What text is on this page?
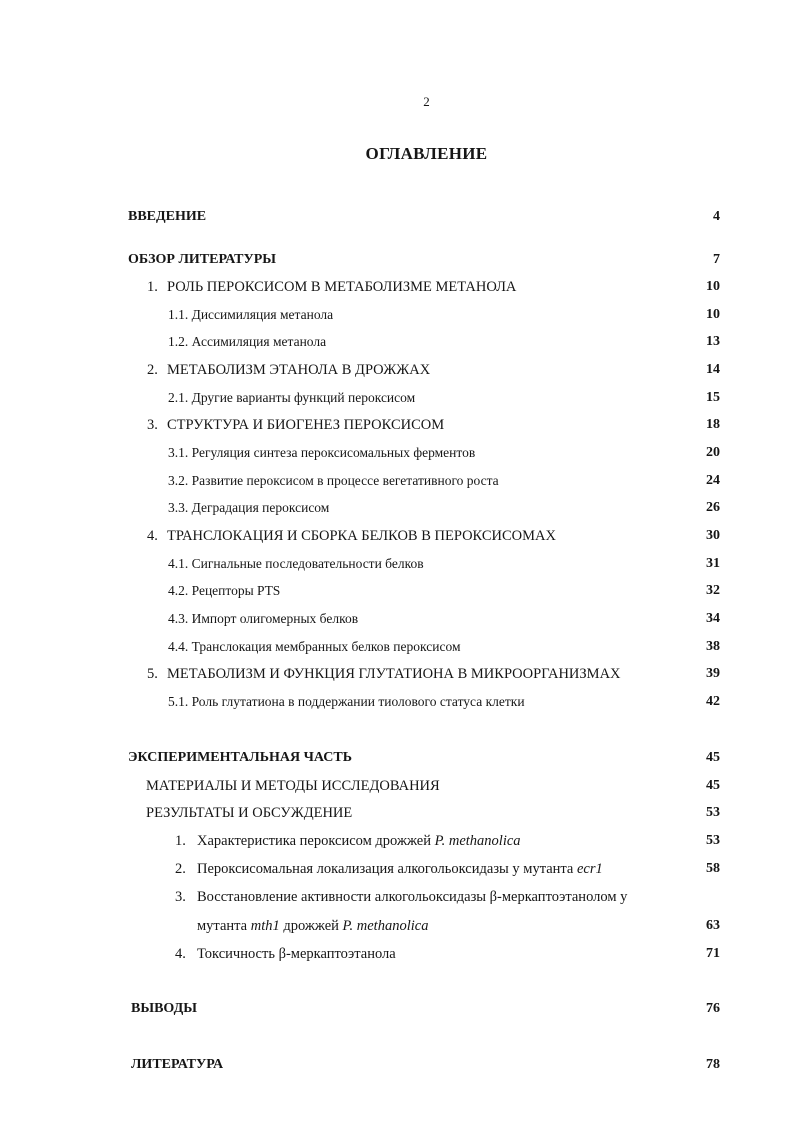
2
ОГЛАВЛЕНИЕ
ВВЕДЕНИЕ	4
ОБЗОР ЛИТЕРАТУРЫ	7
1. РОЛЬ ПЕРОКСИСОМ В МЕТАБОЛИЗМЕ МЕТАНОЛА	10
1.1. Диссимиляция метанола	10
1.2. Ассимиляция метанола	13
2. МЕТАБОЛИЗМ ЭТАНОЛА В ДРОЖЖАХ	14
2.1. Другие варианты функций пероксисом	15
3. СТРУКТУРА И БИОГЕНЕЗ ПЕРОКСИСОМ	18
3.1. Регуляция синтеза пероксисомальных ферментов	20
3.2. Развитие пероксисом в процессе вегетативного роста	24
3.3. Деградация пероксисом	26
4. ТРАНСЛОКАЦИЯ И СБОРКА БЕЛКОВ В ПЕРОКСИСОМАХ	30
4.1. Сигнальные последовательности белков	31
4.2. Рецепторы PTS	32
4.3. Импорт олигомерных белков	34
4.4. Транслокация мембранных белков пероксисом	38
5. МЕТАБОЛИЗМ И ФУНКЦИЯ ГЛУТАТИОНА В МИКРООРГАНИЗМАХ	39
5.1. Роль глутатиона в поддержании тиолового статуса клетки	42
ЭКСПЕРИМЕНТАЛЬНАЯ ЧАСТЬ	45
МАТЕРИАЛЫ И МЕТОДЫ ИССЛЕДОВАНИЯ	45
РЕЗУЛЬТАТЫ И ОБСУЖДЕНИЕ	53
1. Характеристика пероксисом дрожжей P. methanolica	53
2. Пероксисомальная локализация алкогольоксидазы у мутанта ecr1	58
3. Восстановление активности алкогольоксидазы β-меркаптоэтанолом у
мутанта mth1 дрожжей P. methanolica	63
4. Токсичность β-меркаптоэтанола	71
ВЫВОДЫ	76
ЛИТЕРАТУРА	78
